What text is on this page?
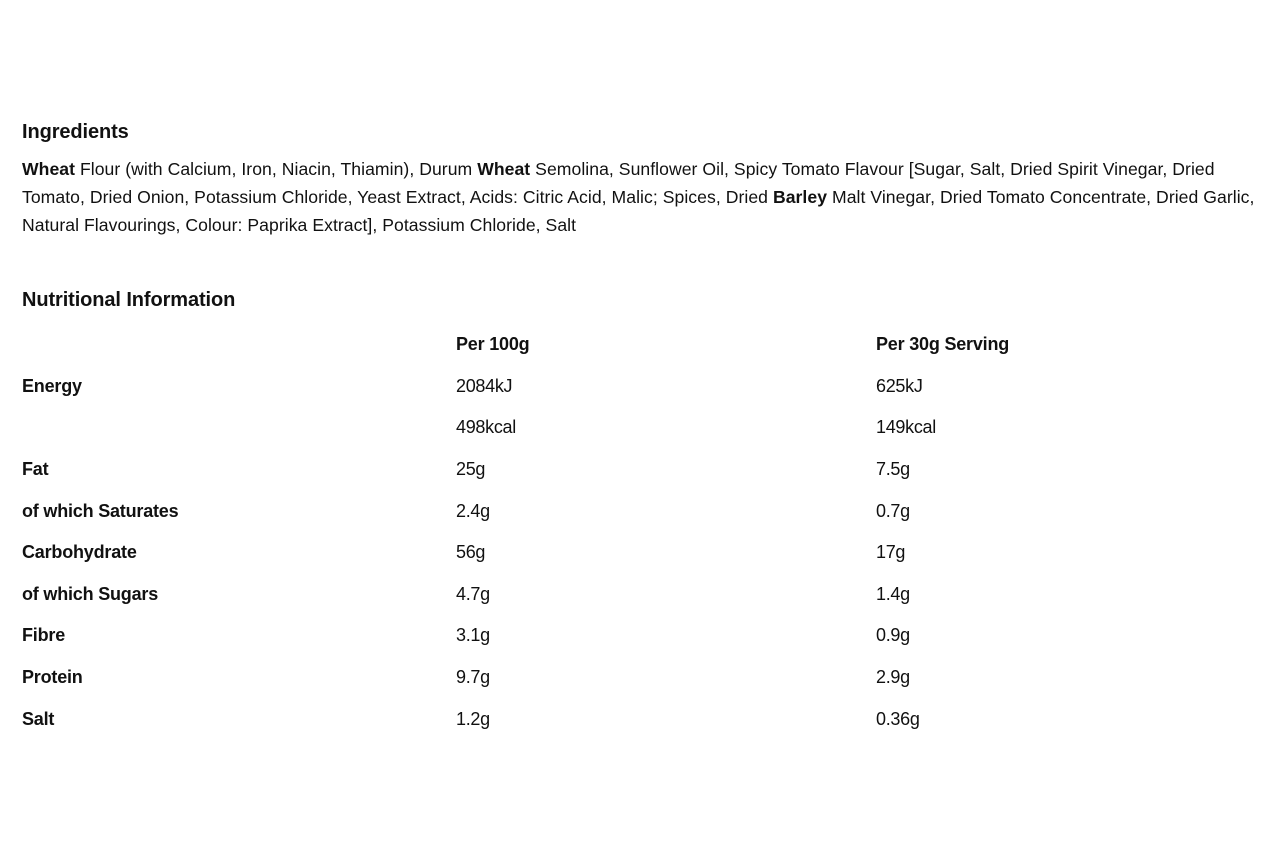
Ingredients

Wheat Flour (with Calcium, Iron, Niacin, Thiamin), Durum Wheat Semolina, Sunflower Oil, Spicy Tomato Flavour [Sugar, Salt, Dried Spirit Vinegar, Dried Tomato, Dried Onion, Potassium Chloride, Yeast Extract, Acids: Citric Acid, Malic; Spices, Dried Barley Malt Vinegar, Dried Tomato Concentrate, Dried Garlic, Natural Flavourings, Colour: Paprika Extract], Potassium Chloride, Salt

Nutritional Information
	Per 100g	Per 30g Serving
Energy	2084kJ	625kJ
	498kcal	149kcal
Fat	25g	7.5g
of which Saturates	2.4g	0.7g
Carbohydrate	56g	17g
of which Sugars	4.7g	1.4g
Fibre	3.1g	0.9g
Protein	9.7g	2.9g
Salt	1.2g	0.36g
